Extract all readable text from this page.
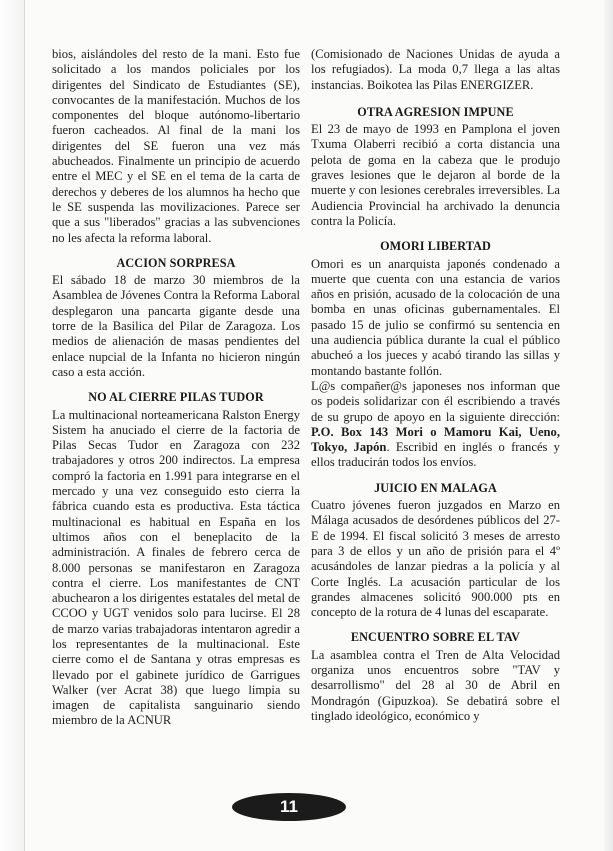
bios, aislándoles del resto de la mani. Esto fue solicitado a los mandos policiales por los dirigentes del Sindicato de Estudiantes (SE), convocantes de la manifestación. Muchos de los componentes del bloque autónomo-libertario fueron cacheados. Al final de la mani los dirigentes del SE fueron una vez más abucheados. Finalmente un principio de acuerdo entre el MEC y el SE en el tema de la carta de derechos y deberes de los alumnos ha hecho que le SE suspenda las movilizaciones. Parece ser que a sus "liberados" gracias a las subvenciones no les afecta la reforma laboral.

ACCION SORPRESA

El sábado 18 de marzo 30 miembros de la Asamblea de Jóvenes Contra la Reforma Laboral desplegaron una pancarta gigante desde una torre de la Basilica del Pilar de Zaragoza. Los medios de alienación de masas pendientes del enlace nupcial de la Infanta no hicieron ningún caso a esta acción.

NO AL CIERRE PILAS TUDOR

La multinacional norteamericana Ralston Energy Sistem ha anuciado el cierre de la factoria de Pilas Secas Tudor en Zaragoza con 232 trabajadores y otros 200 indirectos. La empresa compró la factoria en 1.991 para integrarse en el mercado y una vez conseguido esto cierra la fábrica cuando esta es productiva. Esta táctica multinacional es habitual en España en los ultimos años con el beneplacito de la administración. A finales de febrero cerca de 8.000 personas se manifestaron en Zaragoza contra el cierre. Los manifestantes de CNT abuchearon a los dirigentes estatales del metal de CCOO y UGT venidos solo para lucirse. El 28 de marzo varias trabajadoras intentaron agredir a los representantes de la multinacional. Este cierre como el de Santana y otras empresas es llevado por el gabinete jurídico de Garrigues Walker (ver Acrat 38) que luego limpia su imagen de capitalista sanguinario siendo miembro de la ACNUR

(Comisionado de Naciones Unidas de ayuda a los refugiados). La moda 0,7 llega a las altas instancias. Boikotea las Pilas ENERGIZER.

OTRA AGRESION IMPUNE

El 23 de mayo de 1993 en Pamplona el joven Txuma Olaberri recibió a corta distancia una pelota de goma en la cabeza que le produjo graves lesiones que le dejaron al borde de la muerte y con lesiones cerebrales irreversibles. La Audiencia Provincial ha archivado la denuncia contra la Policía.

OMORI LIBERTAD

Omori es un anarquista japonés condenado a muerte que cuenta con una estancia de varios años en prisión, acusado de la colocación de una bomba en unas oficinas gubernamentales. El pasado 15 de julio se confirmó su sentencia en una audiencia pública durante la cual el público abucheó a los jueces y acabó tirando las sillas y montando bastante follón.

L@s compañer@s japoneses nos informan que os podeis solidarizar con él escribiendo a través de su grupo de apoyo en la siguiente dirección: P.O. Box 143 Mori o Mamoru Kai, Ueno, Tokyo, Japón. Escribid en inglés o francés y ellos traducirán todos los envíos.

JUICIO EN MALAGA

Cuatro jóvenes fueron juzgados en Marzo en Málaga acusados de desórdenes públicos del 27-E de 1994. El fiscal solicitó 3 meses de arresto para 3 de ellos y un año de prisión para el 4º acusándoles de lanzar piedras a la policía y al Corte Inglés. La acusación particular de los grandes almacenes solicitó 900.000 pts en concepto de la rotura de 4 lunas del escaparate.

ENCUENTRO SOBRE EL TAV

La asamblea contra el Tren de Alta Velocidad organiza unos encuentros sobre "TAV y desarrollismo" del 28 al 30 de Abril en Mondragón (Gipuzkoa). Se debatirá sobre el tinglado ideológico, económico y

11
